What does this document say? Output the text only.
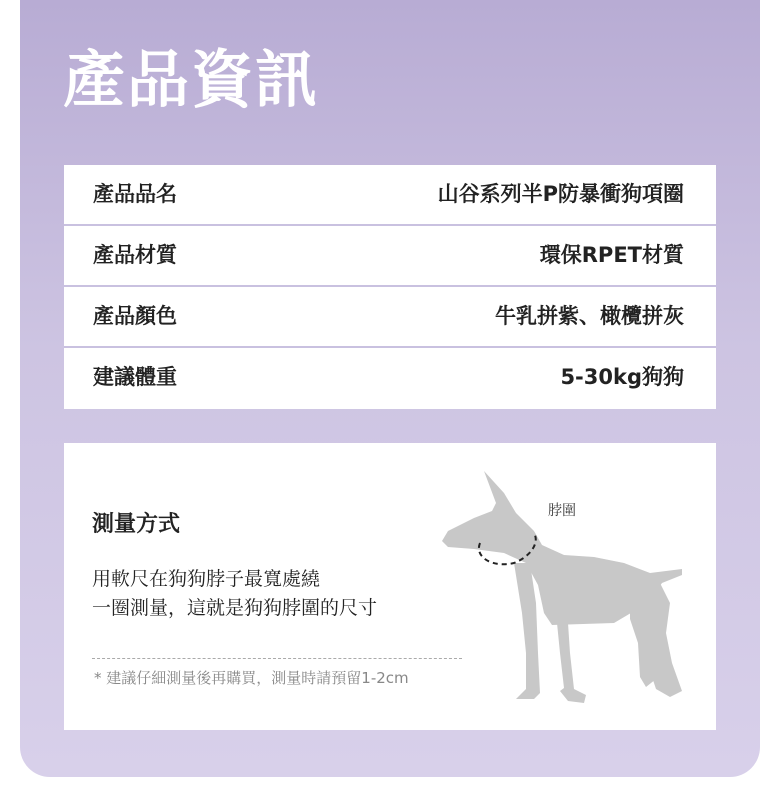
產品資訊
產品品名	山谷系列半P防暴衝狗項圈
產品材質	環保RPET材質
產品顏色	牛乳拼紫、橄欖拼灰
建議體重	5-30kg狗狗
測量方式
用軟尺在狗狗脖子最寬處繞
一圈測量，這就是狗狗脖圍的尺寸
* 建議仔細測量後再購買，測量時請預留1-2cm
脖圍
